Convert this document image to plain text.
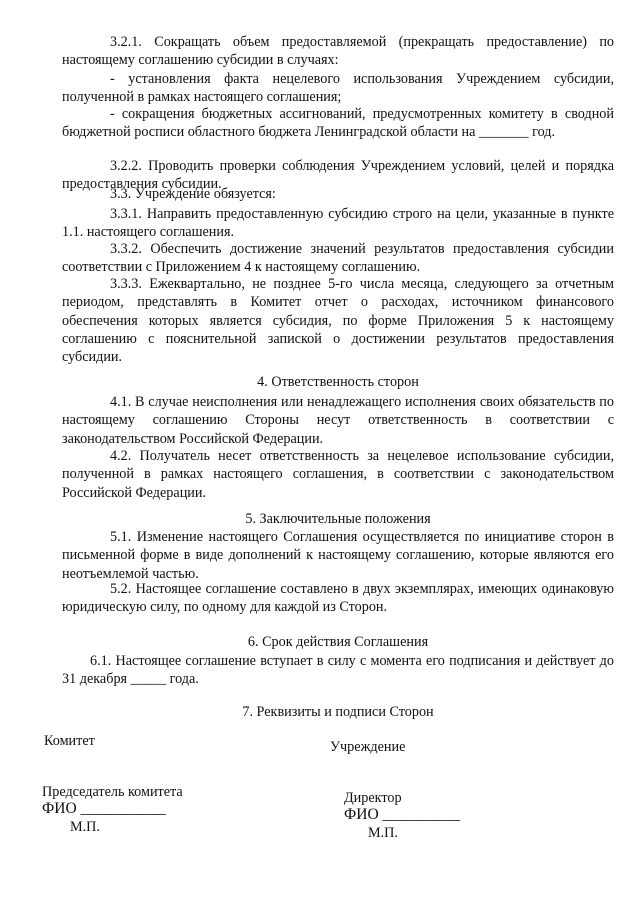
3.2.1. Сокращать объем предоставляемой (прекращать предоставление) по настоящему соглашению субсидии в случаях:

- установления факта нецелевого использования Учреждением субсидии, полученной в рамках настоящего соглашения;

- сокращения бюджетных ассигнований, предусмотренных комитету в сводной бюджетной росписи областного бюджета Ленинградской области на _______ год.

3.2.2. Проводить проверки соблюдения Учреждением условий, целей и порядка предоставления субсидии.

3.3. Учреждение обязуется:

3.3.1. Направить предоставленную субсидию строго на цели, указанные в пункте 1.1. настоящего соглашения.

3.3.2. Обеспечить достижение значений результатов предоставления субсидии соответствии с Приложением 4 к настоящему соглашению.

3.3.3. Ежеквартально, не позднее 5-го числа месяца, следующего за отчетным периодом, представлять в Комитет отчет о расходах, источником финансового обеспечения которых является субсидия, по форме Приложения 5 к настоящему соглашению с пояснительной запиской о достижении результатов предоставления субсидии.

4. Ответственность сторон

4.1. В случае неисполнения или ненадлежащего исполнения своих обязательств по настоящему соглашению Стороны несут ответственность в соответствии с законодательством Российской Федерации.

4.2. Получатель несет ответственность за нецелевое использование субсидии, полученной в рамках настоящего соглашения, в соответствии с законодательством Российской Федерации.

5. Заключительные положения

5.1. Изменение настоящего Соглашения осуществляется по инициативе сторон в письменной форме в виде дополнений к настоящему соглашению, которые являются его неотъемлемой частью.

5.2. Настоящее соглашение составлено в двух экземплярах, имеющих одинаковую юридическую силу, по одному для каждой из Сторон.

6. Срок действия Соглашения

6.1. Настоящее соглашение вступает в силу с момента его подписания и действует до 31 декабря _____ года.

7. Реквизиты и подписи Сторон

Комитет	Учреждение
Председатель комитета
ФИО ___________
М.П.
Директор
ФИО __________
М.П.
